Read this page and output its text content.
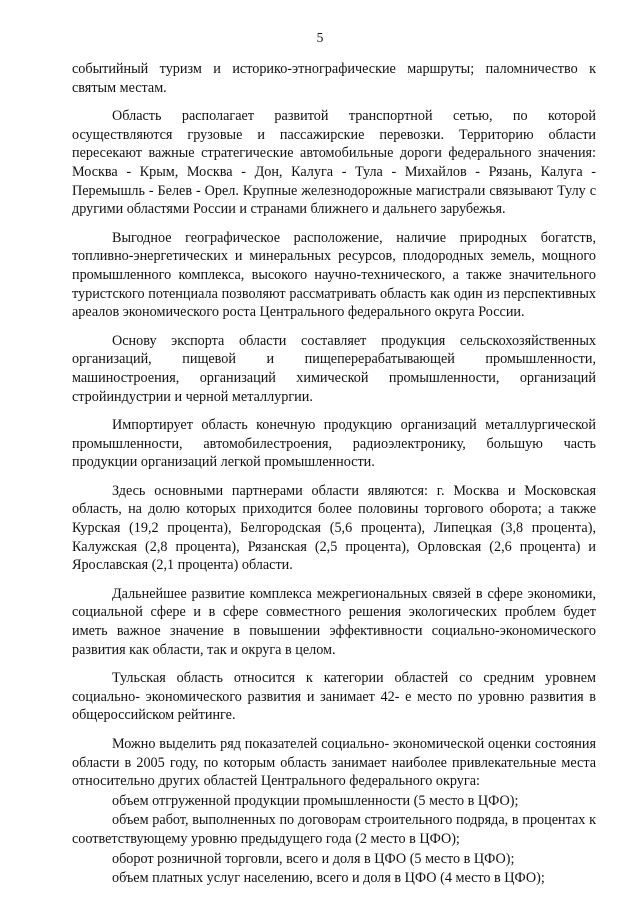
5

событийный туризм и историко-этнографические маршруты; паломничество к святым местам.

Область располагает развитой транспортной сетью, по которой осуществляются грузовые и пассажирские перевозки. Территорию области пересекают важные стратегические автомобильные дороги федерального значения: Москва - Крым, Москва - Дон, Калуга - Тула - Михайлов - Рязань, Калуга - Перемышль - Белев - Орел. Крупные железнодорожные магистрали связывают Тулу с другими областями России и странами ближнего и дальнего зарубежья.

Выгодное географическое расположение, наличие природных богатств, топливно-энергетических и минеральных ресурсов, плодородных земель, мощного промышленного комплекса, высокого научно-технического, а также значительного туристского потенциала позволяют рассматривать область как один из перспективных ареалов экономического роста Центрального федерального округа России.

Основу экспорта области составляет продукция сельскохозяйственных организаций, пищевой и пищеперерабатывающей промышленности, машиностроения, организаций химической промышленности, организаций стройиндустрии и черной металлургии.

Импортирует область конечную продукцию организаций металлургической промышленности, автомобилестроения, радиоэлектронику, большую часть продукции организаций легкой промышленности.

Здесь основными партнерами области являются: г. Москва и Московская область, на долю которых приходится более половины торгового оборота; а также Курская (19,2 процента), Белгородская (5,6 процента), Липецкая (3,8 процента), Калужская (2,8 процента), Рязанская (2,5 процента), Орловская (2,6 процента) и Ярославская (2,1 процента) области.

Дальнейшее развитие комплекса межрегиональных связей в сфере экономики, социальной сфере и в сфере совместного решения экологических проблем будет иметь важное значение в повышении эффективности социально-экономического развития как области, так и округа в целом.

Тульская область относится к категории областей со средним уровнем социально- экономического развития и занимает 42- е место по уровню развития в общероссийском рейтинге.

Можно выделить ряд показателей социально- экономической оценки состояния области в 2005 году, по которым область занимает наиболее привлекательные места относительно других областей Центрального федерального округа:

объем отгруженной продукции промышленности (5 место в ЦФО);

объем работ, выполненных по договорам строительного подряда, в процентах к соответствующему уровню предыдущего года (2 место в ЦФО);

оборот розничной торговли, всего и доля в ЦФО (5 место в ЦФО);

объем платных услуг населению, всего и доля в ЦФО (4 место в ЦФО);
